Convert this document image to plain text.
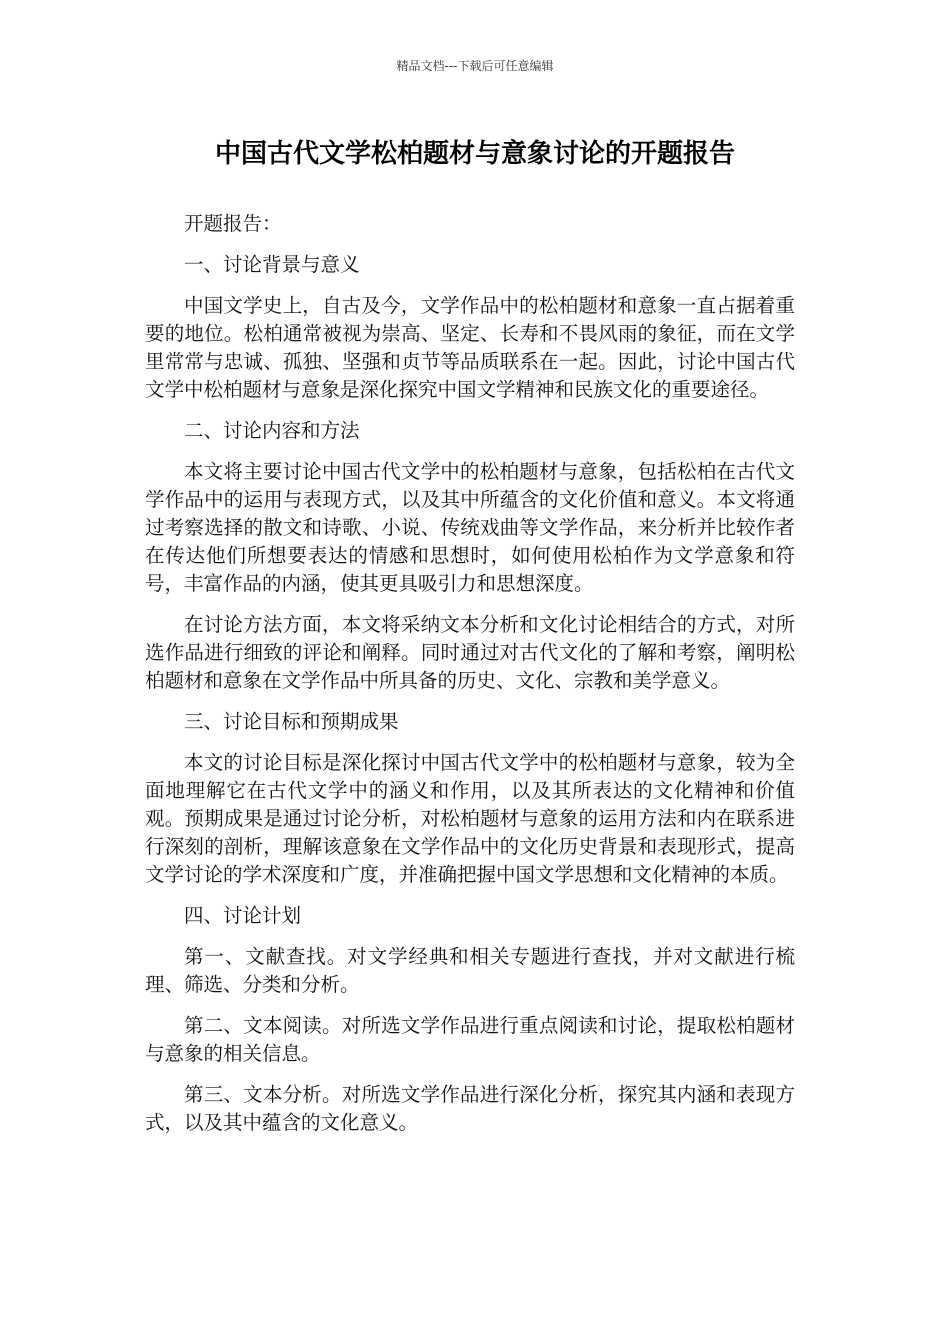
精品文档---下载后可任意编辑
中国古代文学松柏题材与意象讨论的开题报告

开题报告：

一、讨论背景与意义

中国文学史上，自古及今，文学作品中的松柏题材和意象一直占据着重要的地位。松柏通常被视为崇高、坚定、长寿和不畏风雨的象征，而在文学里常常与忠诚、孤独、坚强和贞节等品质联系在一起。因此，讨论中国古代文学中松柏题材与意象是深化探究中国文学精神和民族文化的重要途径。

二、讨论内容和方法

本文将主要讨论中国古代文学中的松柏题材与意象，包括松柏在古代文学作品中的运用与表现方式，以及其中所蕴含的文化价值和意义。本文将通过考察选择的散文和诗歌、小说、传统戏曲等文学作品，来分析并比较作者在传达他们所想要表达的情感和思想时，如何使用松柏作为文学意象和符号，丰富作品的内涵，使其更具吸引力和思想深度。

在讨论方法方面，本文将采纳文本分析和文化讨论相结合的方式，对所选作品进行细致的评论和阐释。同时通过对古代文化的了解和考察，阐明松柏题材和意象在文学作品中所具备的历史、文化、宗教和美学意义。

三、讨论目标和预期成果

本文的讨论目标是深化探讨中国古代文学中的松柏题材与意象，较为全面地理解它在古代文学中的涵义和作用，以及其所表达的文化精神和价值观。预期成果是通过讨论分析，对松柏题材与意象的运用方法和内在联系进行深刻的剖析，理解该意象在文学作品中的文化历史背景和表现形式，提高文学讨论的学术深度和广度，并准确把握中国文学思想和文化精神的本质。

四、讨论计划

第一、文献查找。对文学经典和相关专题进行查找，并对文献进行梳理、筛选、分类和分析。

第二、文本阅读。对所选文学作品进行重点阅读和讨论，提取松柏题材与意象的相关信息。

第三、文本分析。对所选文学作品进行深化分析，探究其内涵和表现方式，以及其中蕴含的文化意义。
